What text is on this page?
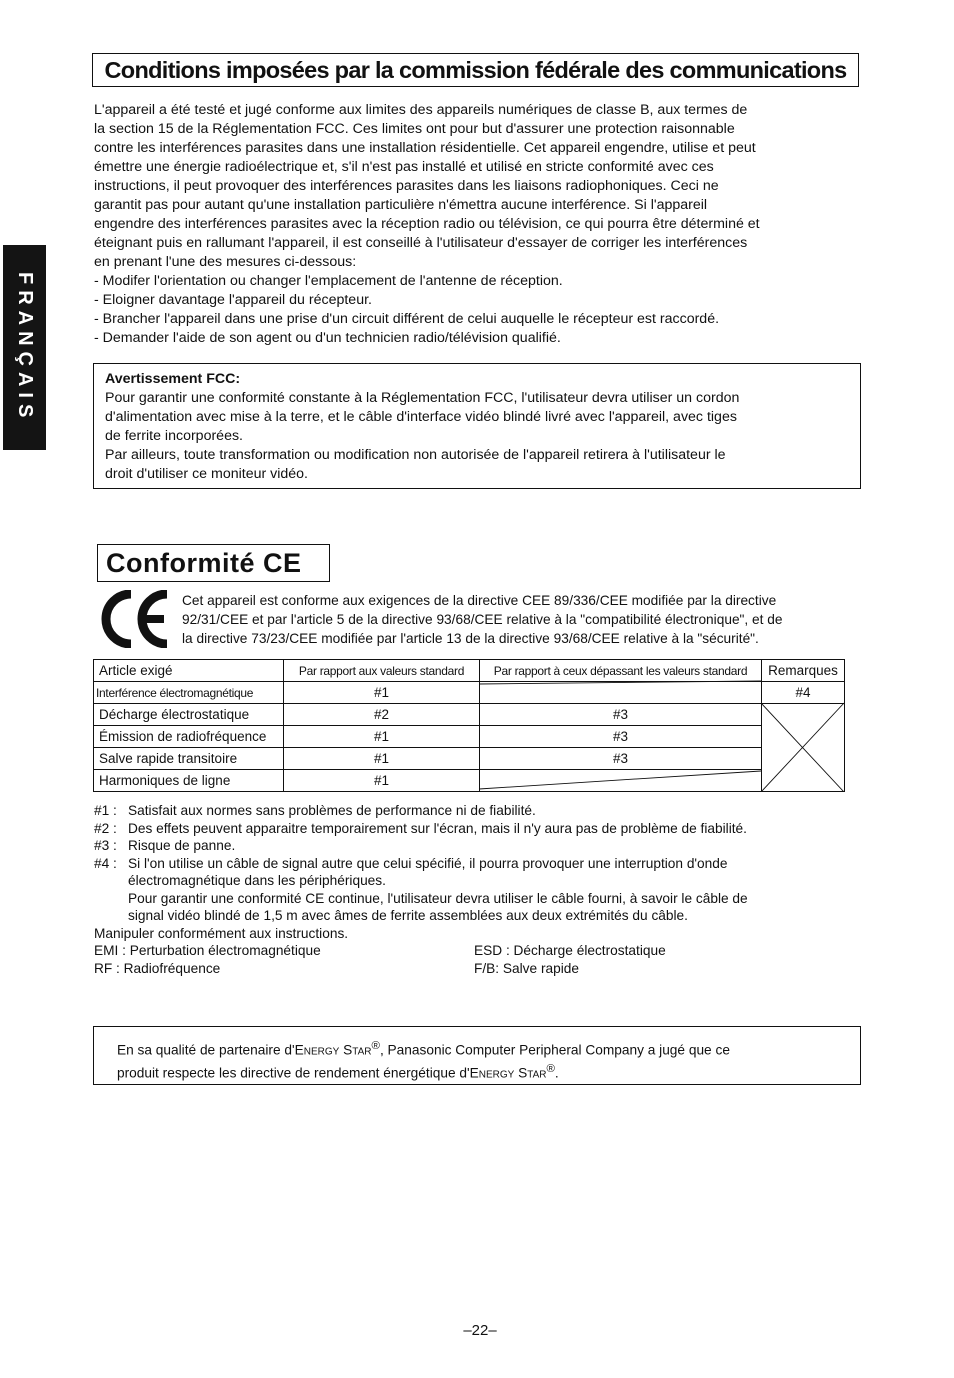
FRANÇAIS
Conditions imposées par la commission fédérale des communications
L'appareil a été testé et jugé conforme aux limites des appareils numériques de classe B, aux termes de
la section 15 de la Réglementation FCC. Ces limites ont pour but d'assurer une protection raisonnable
contre les interférences parasites dans une installation résidentielle. Cet appareil engendre, utilise et peut
émettre une énergie radioélectrique et, s'il n'est pas installé et utilisé en stricte conformité avec ces
instructions, il peut provoquer des interférences parasites dans les liaisons radiophoniques. Ceci ne
garantit pas pour autant qu'une installation particulière n'émettra aucune interférence. Si l'appareil
engendre des interférences parasites avec la réception radio ou télévision, ce qui pourra être déterminé et
éteignant puis en rallumant l'appareil, il est conseillé à l'utilisateur d'essayer de corriger les interférences
en prenant l'une des mesures ci-dessous:
- Modifer l'orientation ou changer l'emplacement de l'antenne de réception.
- Eloigner davantage l'appareil du récepteur.
- Brancher l'appareil dans une prise d'un circuit différent de celui auquelle le récepteur est raccordé.
- Demander l'aide de son agent ou d'un technicien radio/télévision qualifié.
Avertissement FCC:
Pour garantir une conformité constante à la Réglementation FCC, l'utilisateur devra utiliser un cordon
d'alimentation avec mise à la terre, et le câble d'interface vidéo blindé livré avec l'appareil, avec tiges
de ferrite incorporées.
Par ailleurs, toute transformation ou modification non autorisée de l'appareil retirera à l'utilisateur le
droit d'utiliser ce moniteur vidéo.
Conformité CE
Cet appareil est conforme aux exigences de la directive CEE 89/336/CEE modifiée par la directive
92/31/CEE et par l'article 5 de la directive 93/68/CEE relative à la "compatibilité électronique", et de
la directive 73/23/CEE modifiée par l'article 13 de la directive 93/68/CEE relative à la "sécurité".
Article exigé	Par rapport aux valeurs standard	Par rapport à ceux dépassant les valeurs standard	Remarques
Interférence électromagnétique	#1		#4
Décharge électrostatique	#2	#3	
Émission de radiofréquence	#1	#3	
Salve rapide transitoire	#1	#3	
Harmoniques de ligne	#1		
#1 : Satisfait aux normes sans problèmes de performance ni de fiabilité.
#2 : Des effets peuvent apparaitre temporairement sur l'écran, mais il n'y aura pas de problème de fiabilité.
#3 : Risque de panne.
#4 : Si l'on utilise un câble de signal autre que celui spécifié, il pourra provoquer une interruption d'onde
électromagnétique dans les périphériques.
Pour garantir une conformité CE continue, l'utilisateur devra utiliser le câble fourni, à savoir le câble de
signal vidéo blindé de 1,5 m avec âmes de ferrite assemblées aux deux extrémités du câble.
Manipuler conformément aux instructions.
EMI : Perturbation électromagnétique	ESD : Décharge électrostatique
RF : Radiofréquence	F/B: Salve rapide
En sa qualité de partenaire d'Energy Star®, Panasonic Computer Peripheral Company a jugé que ce
produit respecte les directive de rendement énergétique d'Energy Star®.
–22–
